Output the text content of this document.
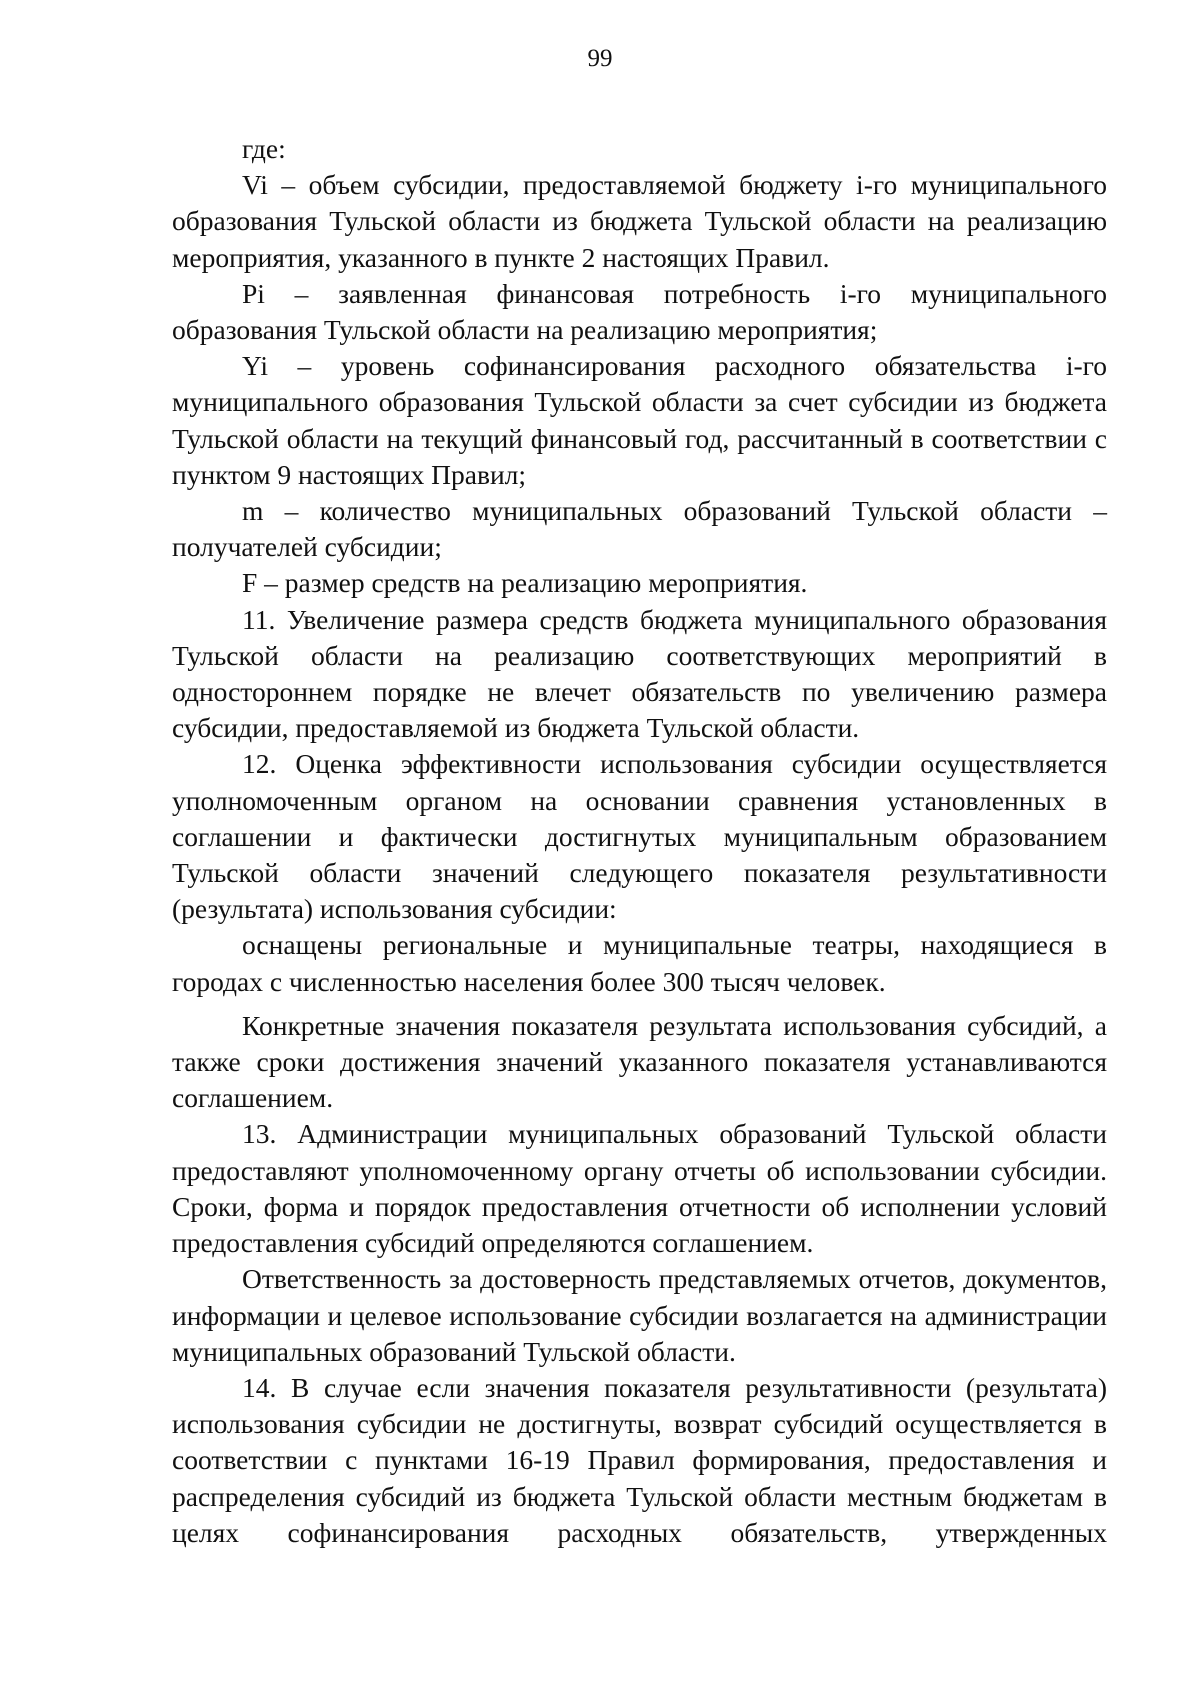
99

где:

Vi – объем субсидии, предоставляемой бюджету i-го муниципального образования Тульской области из бюджета Тульской области на реализацию мероприятия, указанного в пункте 2 настоящих Правил.

Pi – заявленная финансовая потребность i-го муниципального образования Тульской области на реализацию мероприятия;

Yi – уровень софинансирования расходного обязательства i-го муниципального образования Тульской области за счет субсидии из бюджета Тульской области на текущий финансовый год, рассчитанный в соответствии с пунктом 9 настоящих Правил;

m – количество муниципальных образований Тульской области – получателей субсидии;

F – размер средств на реализацию мероприятия.

11. Увеличение размера средств бюджета муниципального образования Тульской области на реализацию соответствующих мероприятий в одностороннем порядке не влечет обязательств по увеличению размера субсидии, предоставляемой из бюджета Тульской области.

12. Оценка эффективности использования субсидии осуществляется уполномоченным органом на основании сравнения установленных в соглашении и фактически достигнутых муниципальным образованием Тульской области значений следующего показателя результативности (результата) использования субсидии:

оснащены региональные и муниципальные театры, находящиеся в городах с численностью населения более 300 тысяч человек.

Конкретные значения показателя результата использования субсидий, а также сроки достижения значений указанного показателя устанавливаются соглашением.

13. Администрации муниципальных образований Тульской области предоставляют уполномоченному органу отчеты об использовании субсидии. Сроки, форма и порядок предоставления отчетности об исполнении условий предоставления субсидий определяются соглашением.

Ответственность за достоверность представляемых отчетов, документов, информации и целевое использование субсидии возлагается на администрации муниципальных образований Тульской области.

14. В случае если значения показателя результативности (результата) использования субсидии не достигнуты, возврат субсидий осуществляется в соответствии с пунктами 16-19 Правил формирования, предоставления и распределения субсидий из бюджета Тульской области местным бюджетам в целях софинансирования расходных обязательств, утвержденных
